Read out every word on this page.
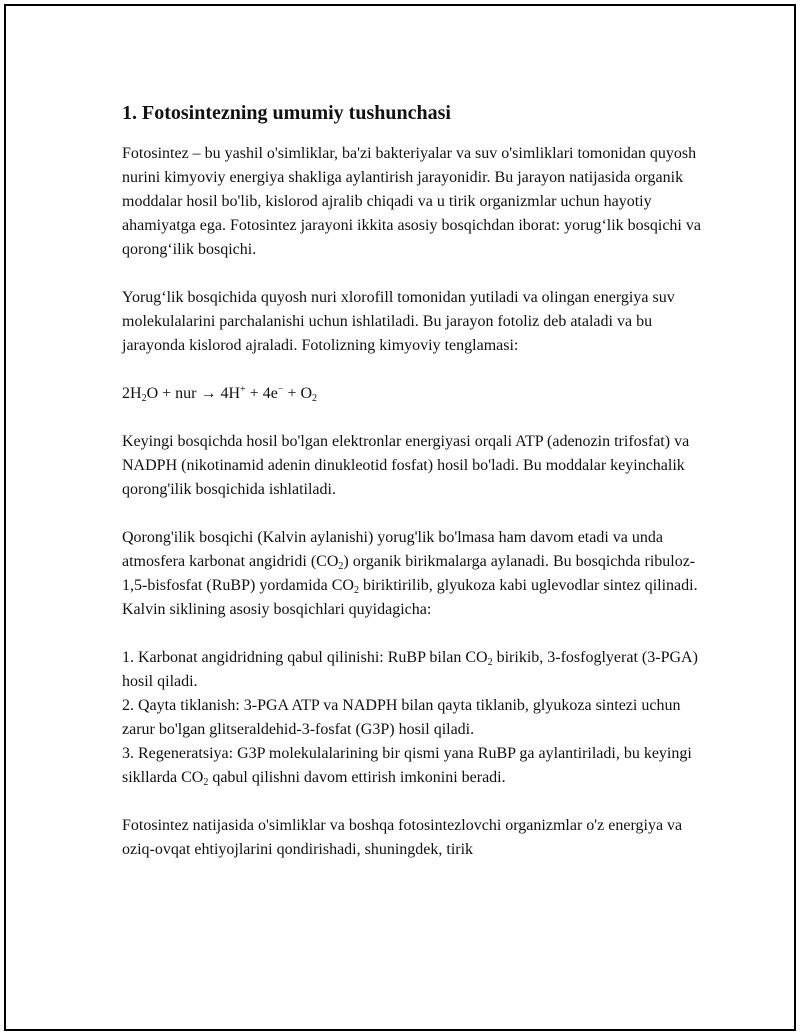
1. Fotosintezning umumiy tushunchasi

Fotosintez – bu yashil o'simliklar, ba'zi bakteriyalar va suv o'simliklari tomonidan quyosh nurini kimyoviy energiya shakliga aylantirish jarayonidir. Bu jarayon natijasida organik moddalar hosil bo'lib, kislorod ajralib chiqadi va u tirik organizmlar uchun hayotiy ahamiyatga ega. Fotosintez jarayoni ikkita asosiy bosqichdan iborat: yorug‘lik bosqichi va qorong‘ilik bosqichi.

Yorug‘lik bosqichida quyosh nuri xlorofill tomonidan yutiladi va olingan energiya suv molekulalarini parchalanishi uchun ishlatiladi. Bu jarayon fotoliz deb ataladi va bu jarayonda kislorod ajraladi. Fotolizning kimyoviy tenglamasi:

$2H_2O$ + nur → $4H^+ + 4e^- + O_2$

Keyingi bosqichda hosil bo'lgan elektronlar energiyasi orqali ATP (adenozin trifosfat) va NADPH (nikotinamid adenin dinukleotid fosfat) hosil bo'ladi. Bu moddalar keyinchalik qorong'ilik bosqichida ishlatiladi.

Qorong'ilik bosqichi (Kalvin aylanishi) yorug'lik bo'lmasa ham davom etadi va unda atmosfera karbonat angidridi $(CO_2)$ organik birikmalarga aylanadi. Bu bosqichda ribuloz-1,5-bisfosfat (RuBP) yordamida $CO_2$ biriktirilib, glyukoza kabi uglevodlar sintez qilinadi. Kalvin siklining asosiy bosqichlari quyidagicha:

1. Karbonat angidridning qabul qilinishi: RuBP bilan $CO_2$ birikib, 3-fosfoglyerat (3-PGA) hosil qiladi.
2. Qayta tiklanish: 3-PGA ATP va NADPH bilan qayta tiklanib, glyukoza sintezi uchun zarur bo'lgan glitseraldehid-3-fosfat (G3P) hosil qiladi.
3. Regeneratsiya: G3P molekulalarining bir qismi yana RuBP ga aylantiriladi, bu keyingi sikllarda $CO_2$ qabul qilishni davom ettirish imkonini beradi.

Fotosintez natijasida o'simliklar va boshqa fotosintezlovchi organizmlar o'z energiya va oziq-ovqat ehtiyojlarini qondirishadi, shuningdek, tirik
